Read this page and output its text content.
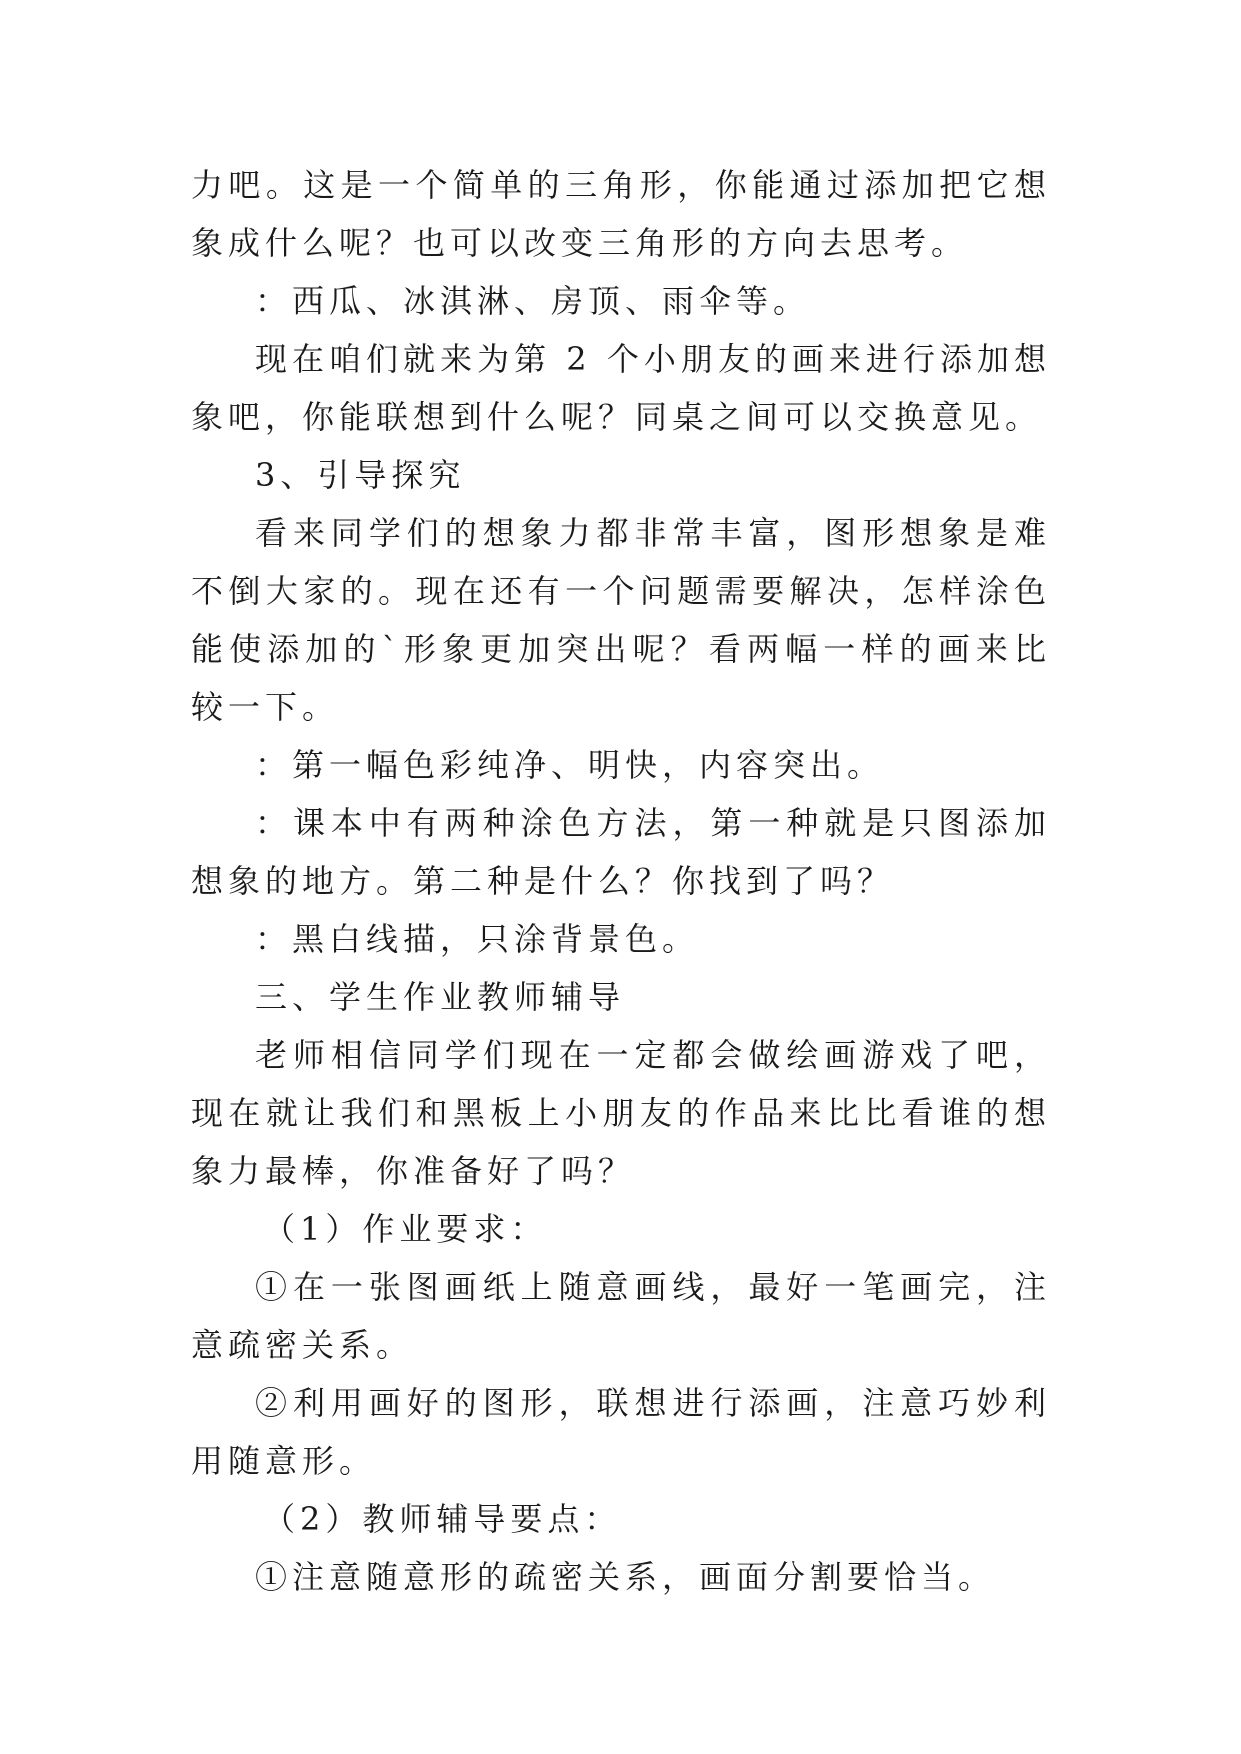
力吧。这是一个简单的三角形，你能通过添加把它想象成什么呢？也可以改变三角形的方向去思考。

：西瓜、冰淇淋、房顶、雨伞等。

现在咱们就来为第 2 个小朋友的画来进行添加想象吧，你能联想到什么呢？同桌之间可以交换意见。

3、引导探究

看来同学们的想象力都非常丰富，图形想象是难不倒大家的。现在还有一个问题需要解决，怎样涂色能使添加的`形象更加突出呢？看两幅一样的画来比较一下。

：第一幅色彩纯净、明快，内容突出。

：课本中有两种涂色方法，第一种就是只图添加想象的地方。第二种是什么？你找到了吗？

：黑白线描，只涂背景色。

三、学生作业教师辅导

老师相信同学们现在一定都会做绘画游戏了吧，现在就让我们和黑板上小朋友的作品来比比看谁的想象力最棒，你准备好了吗？

（1）作业要求：

①在一张图画纸上随意画线，最好一笔画完，注意疏密关系。

②利用画好的图形，联想进行添画，注意巧妙利用随意形。

（2）教师辅导要点：

①注意随意形的疏密关系，画面分割要恰当。
